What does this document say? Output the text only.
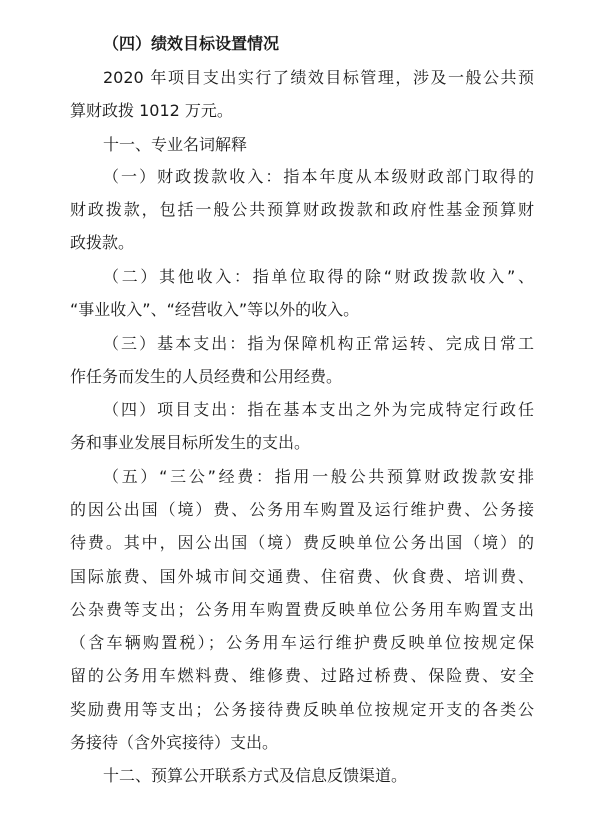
（四）绩效目标设置情况
2020 年项目支出实行了绩效目标管理，涉及一般公共预
算财政拨 1012 万元。
十一、专业名词解释
（一）财政拨款收入：指本年度从本级财政部门取得的
财政拨款，包括一般公共预算财政拨款和政府性基金预算财
政拨款。
（二）其他收入：指单位取得的除“财政拨款收入”、
“事业收入”、“经营收入”等以外的收入。
（三）基本支出：指为保障机构正常运转、完成日常工
作任务而发生的人员经费和公用经费。
（四）项目支出：指在基本支出之外为完成特定行政任
务和事业发展目标所发生的支出。
（五）“三公”经费：指用一般公共预算财政拨款安排
的因公出国（境）费、公务用车购置及运行维护费、公务接
待费。其中，因公出国（境）费反映单位公务出国（境）的
国际旅费、国外城市间交通费、住宿费、伙食费、培训费、
公杂费等支出；公务用车购置费反映单位公务用车购置支出
（含车辆购置税）；公务用车运行维护费反映单位按规定保
留的公务用车燃料费、维修费、过路过桥费、保险费、安全
奖励费用等支出；公务接待费反映单位按规定开支的各类公
务接待（含外宾接待）支出。
十二、预算公开联系方式及信息反馈渠道。
